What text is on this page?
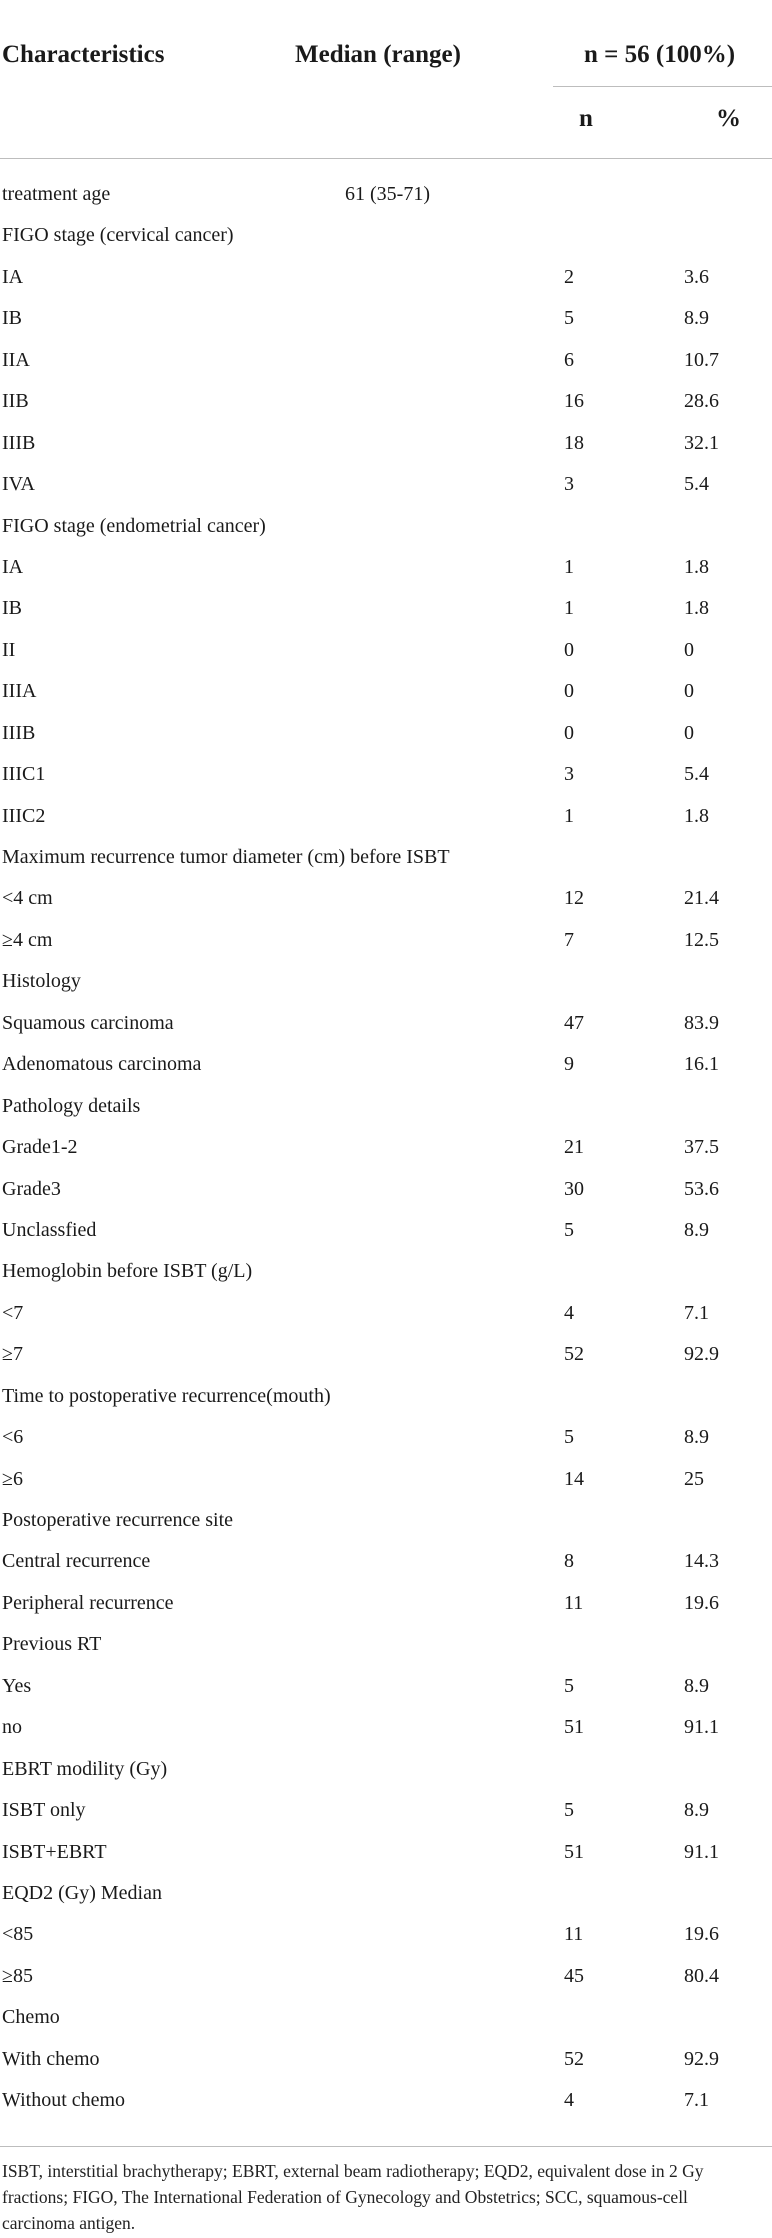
Characteristics	Median (range)	n = 56 (100%)
n	%
treatment age	61 (35-71)
FIGO stage (cervical cancer)
IA	2	3.6
IB	5	8.9
IIA	6	10.7
IIB	16	28.6
IIIB	18	32.1
IVA	3	5.4
FIGO stage (endometrial cancer)
IA	1	1.8
IB	1	1.8
II	0	0
IIIA	0	0
IIIB	0	0
IIIC1	3	5.4
IIIC2	1	1.8
Maximum recurrence tumor diameter (cm) before ISBT
<4 cm	12	21.4
≥4 cm	7	12.5
Histology
Squamous carcinoma	47	83.9
Adenomatous carcinoma	9	16.1
Pathology details
Grade1-2	21	37.5
Grade3	30	53.6
Unclassfied	5	8.9
Hemoglobin before ISBT (g/L)
<7	4	7.1
≥7	52	92.9
Time to postoperative recurrence(mouth)
<6	5	8.9
≥6	14	25
Postoperative recurrence site
Central recurrence	8	14.3
Peripheral recurrence	11	19.6
Previous RT
Yes	5	8.9
no	51	91.1
EBRT modility (Gy)
ISBT only	5	8.9
ISBT+EBRT	51	91.1
EQD2 (Gy) Median
<85	11	19.6
≥85	45	80.4
Chemo
With chemo	52	92.9
Without chemo	4	7.1
ISBT, interstitial brachytherapy; EBRT, external beam radiotherapy; EQD2, equivalent dose in 2 Gy fractions; FIGO, The International Federation of Gynecology and Obstetrics; SCC, squamous-cell carcinoma antigen.
